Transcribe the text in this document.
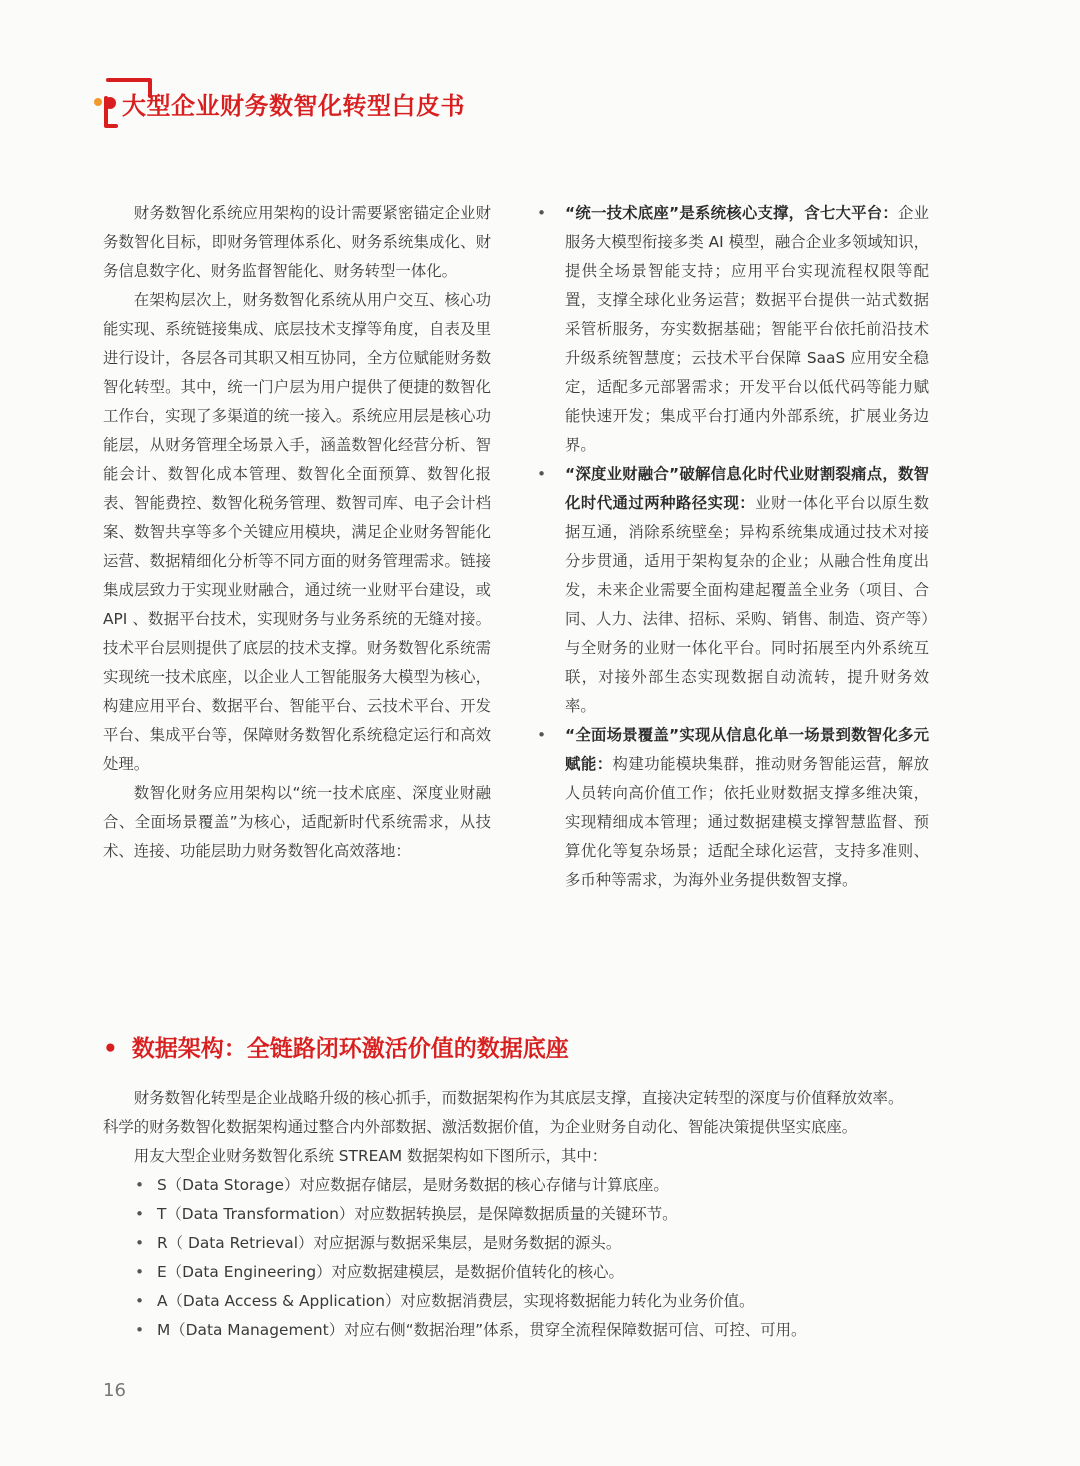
大型企业财务数智化转型白皮书

财务数智化系统应用架构的设计需要紧密锚定企业财务数智化目标，即财务管理体系化、财务系统集成化、财务信息数字化、财务监督智能化、财务转型一体化。

在架构层次上，财务数智化系统从用户交互、核心功能实现、系统链接集成、底层技术支撑等角度，自表及里进行设计，各层各司其职又相互协同，全方位赋能财务数智化转型。其中，统一门户层为用户提供了便捷的数智化工作台，实现了多渠道的统一接入。系统应用层是核心功能层，从财务管理全场景入手，涵盖数智化经营分析、智能会计、数智化成本管理、数智化全面预算、数智化报表、智能费控、数智化税务管理、数智司库、电子会计档案、数智共享等多个关键应用模块，满足企业财务智能化运营、数据精细化分析等不同方面的财务管理需求。链接集成层致力于实现业财融合，通过统一业财平台建设，或 API 、数据平台技术，实现财务与业务系统的无缝对接。技术平台层则提供了底层的技术支撑。财务数智化系统需实现统一技术底座，以企业人工智能服务大模型为核心，构建应用平台、数据平台、智能平台、云技术平台、开发平台、集成平台等，保障财务数智化系统稳定运行和高效处理。

数智化财务应用架构以“统一技术底座、深度业财融合、全面场景覆盖”为核心，适配新时代系统需求，从技术、连接、功能层助力财务数智化高效落地：

• “统一技术底座”是系统核心支撑，含七大平台：企业服务大模型衔接多类 AI 模型，融合企业多领域知识，提供全场景智能支持；应用平台实现流程权限等配置，支撑全球化业务运营；数据平台提供一站式数据采管析服务，夯实数据基础；智能平台依托前沿技术升级系统智慧度；云技术平台保障 SaaS 应用安全稳定，适配多元部署需求；开发平台以低代码等能力赋能快速开发；集成平台打通内外部系统，扩展业务边界。
• “深度业财融合”破解信息化时代业财割裂痛点，数智化时代通过两种路径实现：业财一体化平台以原生数据互通，消除系统壁垒；异构系统集成通过技术对接分步贯通，适用于架构复杂的企业；从融合性角度出发，未来企业需要全面构建起覆盖全业务（项目、合同、人力、法律、招标、采购、销售、制造、资产等）与全财务的业财一体化平台。同时拓展至内外系统互联，对接外部生态实现数据自动流转，提升财务效率。
• “全面场景覆盖”实现从信息化单一场景到数智化多元赋能：构建功能模块集群，推动财务智能运营，解放人员转向高价值工作；依托业财数据支撑多维决策，实现精细成本管理；通过数据建模支撑智慧监督、预算优化等复杂场景；适配全球化运营，支持多准则、多币种等需求，为海外业务提供数智支撑。
• 数据架构：全链路闭环激活价值的数据底座

财务数智化转型是企业战略升级的核心抓手，而数据架构作为其底层支撑，直接决定转型的深度与价值释放效率。

科学的财务数智化数据架构通过整合内外部数据、激活数据价值，为企业财务自动化、智能决策提供坚实底座。

用友大型企业财务数智化系统 STREAM 数据架构如下图所示，其中：

• S（Data Storage）对应数据存储层，是财务数据的核心存储与计算底座。
• T（Data Transformation）对应数据转换层，是保障数据质量的关键环节。
• R（ Data Retrieval）对应据源与数据采集层，是财务数据的源头。
• E（Data Engineering）对应数据建模层，是数据价值转化的核心。
• A（Data Access & Application）对应数据消费层，实现将数据能力转化为业务价值。
• M（Data Management）对应右侧“数据治理”体系，贯穿全流程保障数据可信、可控、可用。
16
